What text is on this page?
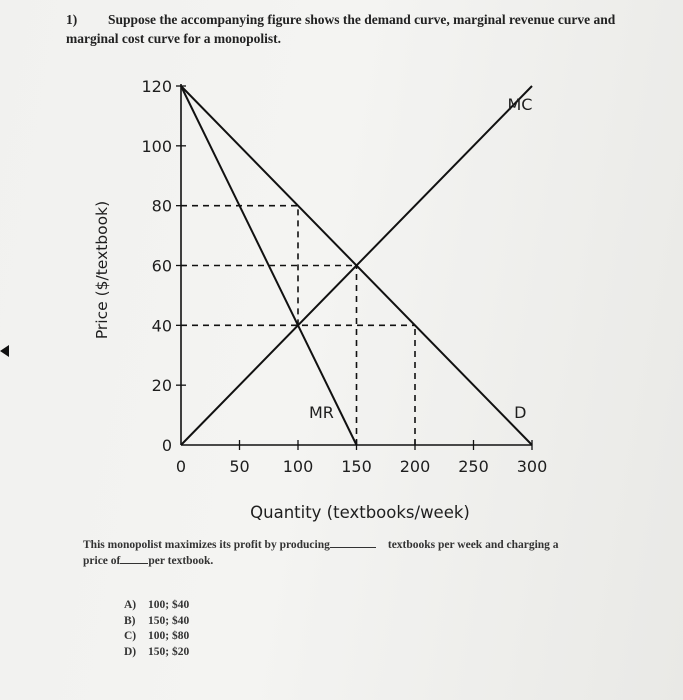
1) Suppose the accompanying figure shows the demand curve, marginal revenue curve and
marginal cost curve for a monopolist.
0
20
40
60
80
100
120
0	50 100 150 200 250 300
D
MR
MC
Price ($/textbook)
Quantity (textbooks/week)
This monopolist maximizes its profit by producing	textbooks per week and charging a
price of per textbook.
A) 100; $40
B) 150; $40
C) 100; $80
D) 150; $20
